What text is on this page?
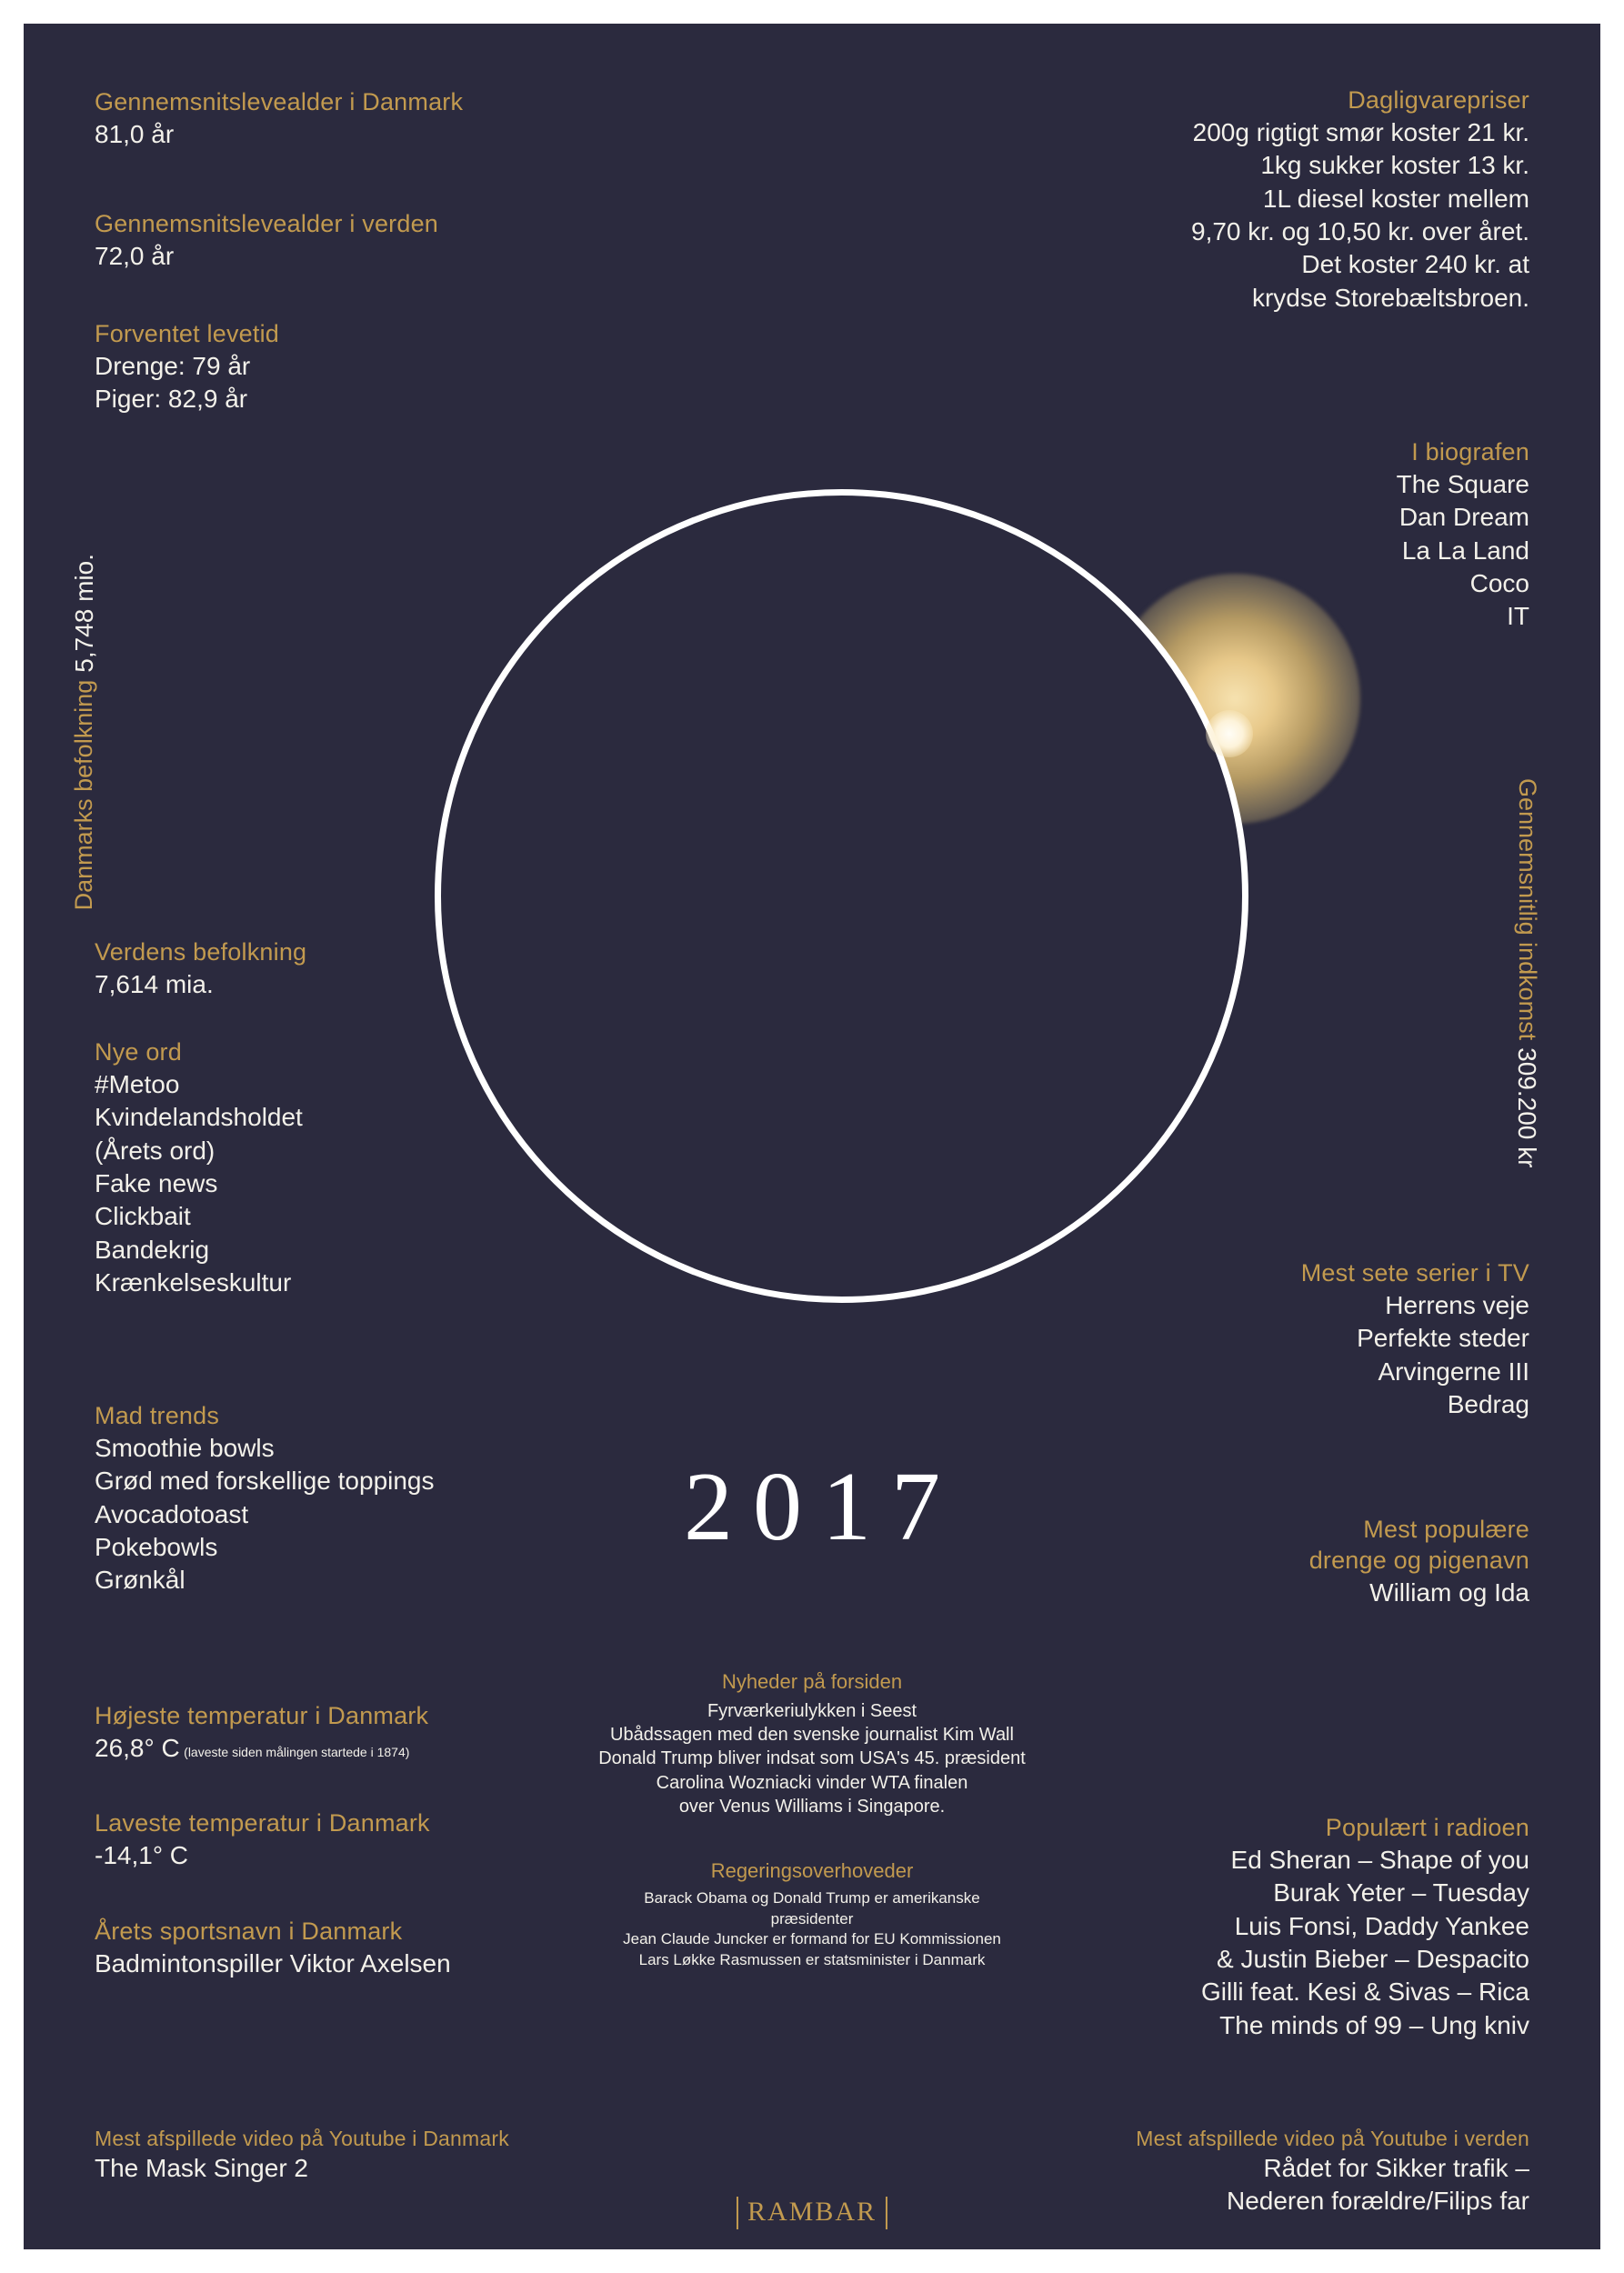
Gennemsnitslevealder i Danmark
81,0 år
Gennemsnitslevealder i verden
72,0 år
Forventet levetid
Drenge: 79 år
Piger: 82,9 år
Danmarks befolkning
5,748 mio.
Verdens befolkning
7,614 mia.
Nye ord
#Metoo
Kvindelandsholdet
(Årets ord)
Fake news
Clickbait
Bandekrig
Krænkelseskultur
Mad trends
Smoothie bowls
Grød med forskellige toppings
Avocadotoast
Pokebowls
Grønkål
Højeste temperatur i Danmark
26,8° C (laveste siden målingen startede i 1874)
Laveste temperatur i Danmark
-14,1° C
Årets sportsnavn i Danmark
Badmintonspiller Viktor Axelsen
Mest afspillede video på Youtube i Danmark
The Mask Singer 2
Dagligvarepriser
200g rigtigt smør koster 21 kr.
1kg sukker koster 13 kr.
1L diesel koster mellem
9,70 kr. og 10,50 kr. over året.
Det koster 240 kr. at
krydse Storebæltsbroen.
I biografen
The Square
Dan Dream
La La Land
Coco
IT
Gennemsnitlig indkomst
309.200 kr
Mest sete serier i TV
Herrens veje
Perfekte steder
Arvingerne III
Bedrag
Mest populære
drenge og pigenavn
William og Ida
Populært i radioen
Ed Sheran – Shape of you
Burak Yeter – Tuesday
Luis Fonsi, Daddy Yankee
& Justin Bieber – Despacito
Gilli feat. Kesi & Sivas – Rica
The minds of 99 – Ung kniv
Mest afspillede video på Youtube i verden
Rådet for Sikker trafik –
Nederen forældre/Filips far
2017
Nyheder på forsiden
Fyrværkeriulykken i Seest
Ubådssagen med den svenske journalist Kim Wall
Donald Trump bliver indsat som USA's 45. præsident
Carolina Wozniacki vinder WTA finalen
over Venus Williams i Singapore.
Regeringsoverhoveder
Barack Obama og Donald Trump er amerikanske
præsidenter
Jean Claude Juncker er formand for EU Kommissionen
Lars Løkke Rasmussen er statsminister i Danmark
RAMBAR
